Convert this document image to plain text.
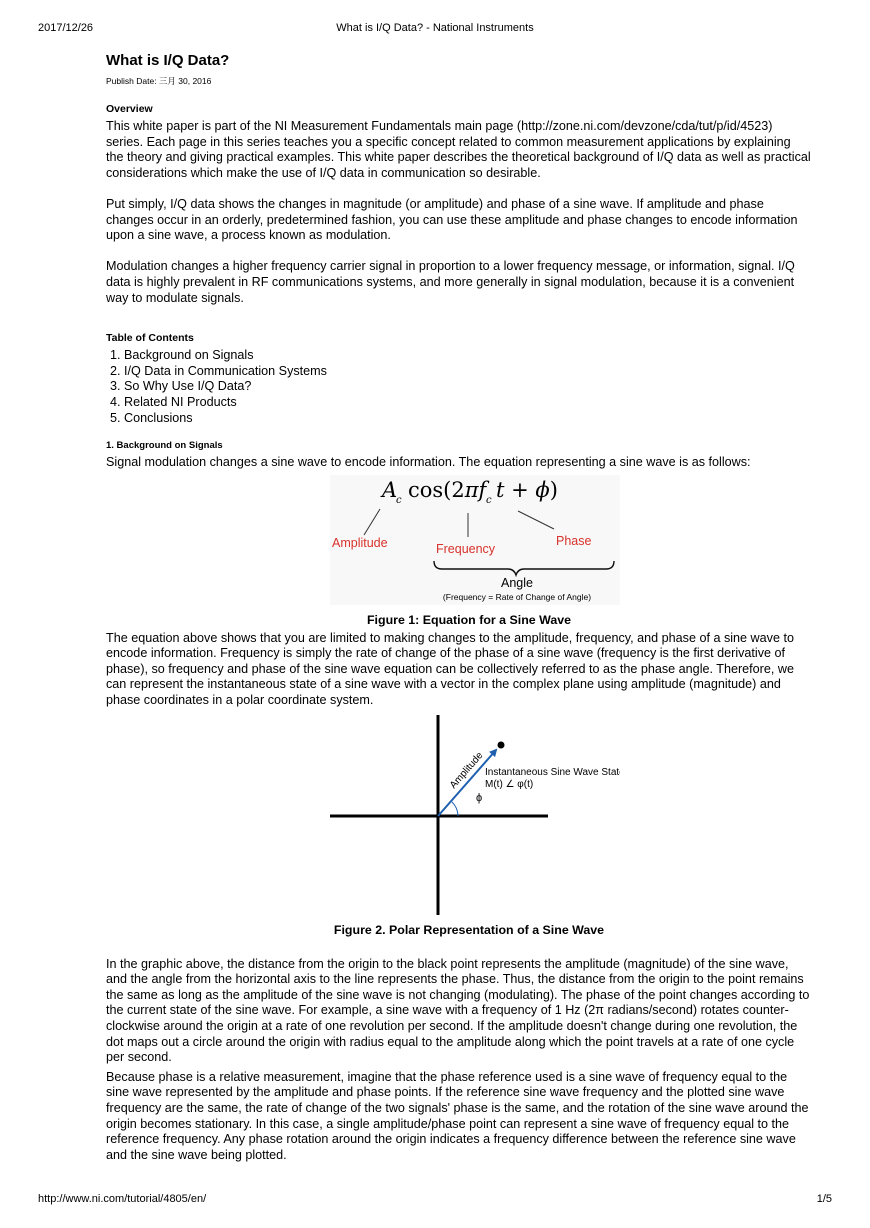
2017/12/26	What is I/Q Data? - National Instruments
What is I/Q Data?
Publish Date: 三月 30, 2016
Overview

This white paper is part of the NI Measurement Fundamentals main page (http://zone.ni.com/devzone/cda/tut/p/id/4523)

series. Each page in this series teaches you a specific concept related to common measurement applications by explaining

the theory and giving practical examples. This white paper describes the theoretical background of I/Q data as well as practical

considerations which make the use of I/Q data in communication so desirable.

Put simply, I/Q data shows the changes in magnitude (or amplitude) and phase of a sine wave. If amplitude and phase

changes occur in an orderly, predetermined fashion, you can use these amplitude and phase changes to encode information

upon a sine wave, a process known as modulation.

Modulation changes a higher frequency carrier signal in proportion to a lower frequency message, or information, signal. I/Q

data is highly prevalent in RF communications systems, and more generally in signal modulation, because it is a convenient

way to modulate signals.

Table of Contents
1. Background on Signals
2. I/Q Data in Communication Systems
3. So Why Use I/Q Data?
4. Related NI Products
5. Conclusions
1. Background on Signals

Signal modulation changes a sine wave to encode information. The equation representing a sine wave is as follows:

A
c cos(2πf c t + ϕ)
Amplitude	Frequency
Phase
Angle
(Frequency = Rate of Change of Angle)
Figure 1: Equation for a Sine Wave

The equation above shows that you are limited to making changes to the amplitude, frequency, and phase of a sine wave to

encode information. Frequency is simply the rate of change of the phase of a sine wave (frequency is the first derivative of

phase), so frequency and phase of the sine wave equation can be collectively referred to as the phase angle. Therefore, we

can represent the instantaneous state of a sine wave with a vector in the complex plane using amplitude (magnitude) and

phase coordinates in a polar coordinate system.

Amplitude Instantaneous Sine Wave State
M(t) ∠ φ(t)
ϕ
Figure 2. Polar Representation of a Sine Wave

In the graphic above, the distance from the origin to the black point represents the amplitude (magnitude) of the sine wave,

and the angle from the horizontal axis to the line represents the phase. Thus, the distance from the origin to the point remains

the same as long as the amplitude of the sine wave is not changing (modulating). The phase of the point changes according to

the current state of the sine wave. For example, a sine wave with a frequency of 1 Hz (2π radians/second) rotates counter-

clockwise around the origin at a rate of one revolution per second. If the amplitude doesn't change during one revolution, the

dot maps out a circle around the origin with radius equal to the amplitude along which the point travels at a rate of one cycle

per second.

Because phase is a relative measurement, imagine that the phase reference used is a sine wave of frequency equal to the

sine wave represented by the amplitude and phase points. If the reference sine wave frequency and the plotted sine wave

frequency are the same, the rate of change of the two signals' phase is the same, and the rotation of the sine wave around the

origin becomes stationary. In this case, a single amplitude/phase point can represent a sine wave of frequency equal to the

reference frequency. Any phase rotation around the origin indicates a frequency difference between the reference sine wave

and the sine wave being plotted.

http://www.ni.com/tutorial/4805/en/	1/5
